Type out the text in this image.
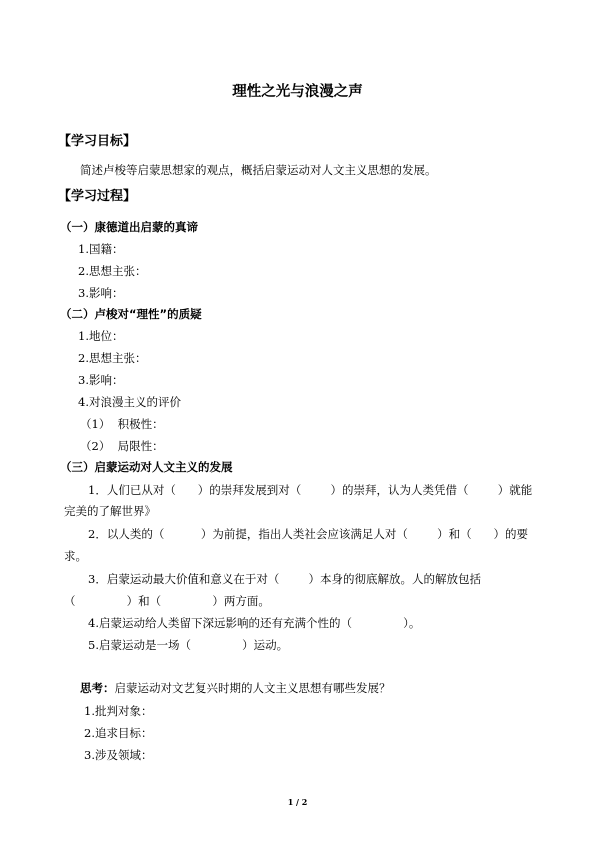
理性之光与浪漫之声
【学习目标】
简述卢梭等启蒙思想家的观点，概括启蒙运动对人文主义思想的发展。
【学习过程】
（一）康德道出启蒙的真谛
1.国籍：
2.思想主张：
3.影响：
（二）卢梭对“理性”的质疑
1.地位：
2.思想主张：
3.影响：
4.对浪漫主义的评价
（1）  积极性：
（2）  局限性：
（三）启蒙运动对人文主义的发展
1．人们已从对（      ）的崇拜发展到对（        ）的崇拜，认为人类凭借（        ）就能
完美的了解世界》
2．以人类的（          ）为前提，指出人类社会应该满足人对（        ）和（      ）的要
求。
3．启蒙运动最大价值和意义在于对（        ）本身的彻底解放。人的解放包括
（              ）和（              ）两方面。
4.启蒙运动给人类留下深远影响的还有充满个性的（              ）。
5.启蒙运动是一场（              ）运动。
思考：启蒙运动对文艺复兴时期的人文主义思想有哪些发展？
1.批判对象：
2.追求目标：
3.涉及领域：
1 / 2
